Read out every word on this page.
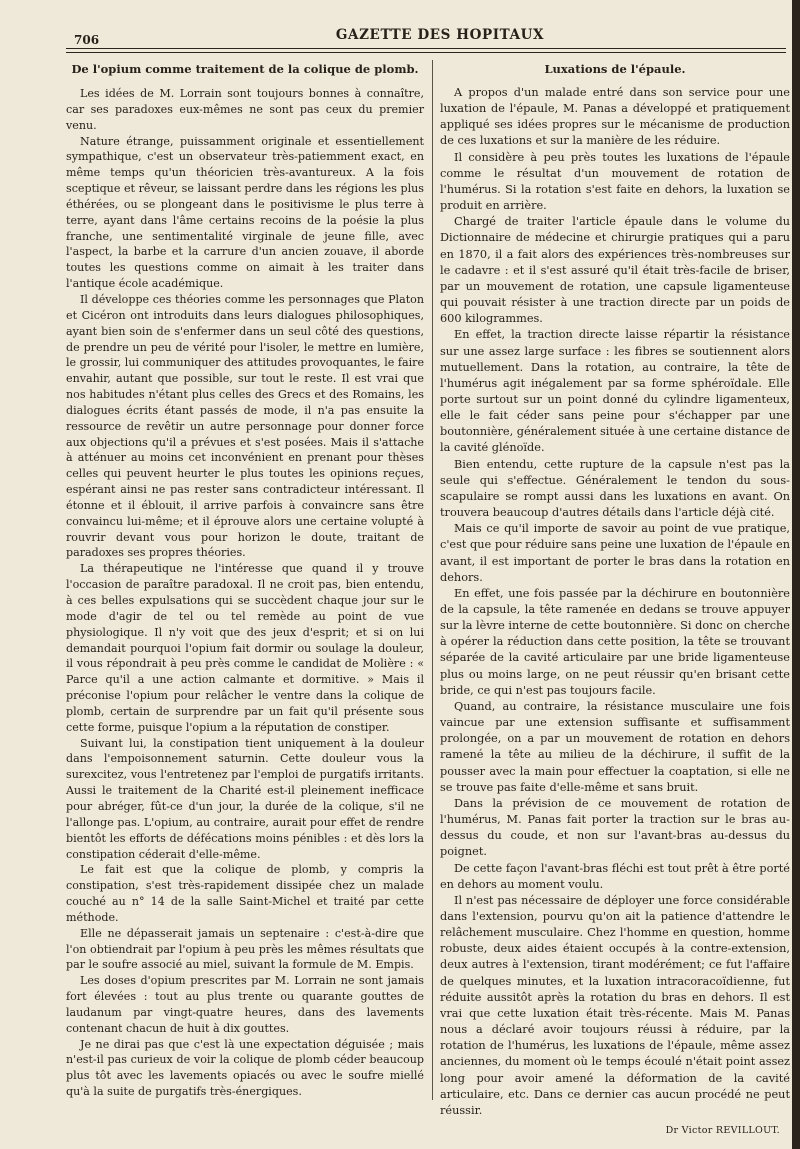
706	GAZETTE DES HOPITAUX
De l'opium comme traitement de la colique de plomb.

Les idées de M. Lorrain sont toujours bonnes à connaître, car ses paradoxes eux-mêmes ne sont pas ceux du premier venu.

Nature étrange, puissamment originale et essentiellement sympathique, c'est un observateur très-patiemment exact, en même temps qu'un théoricien très-avantureux. A la fois sceptique et rêveur, se laissant perdre dans les régions les plus éthérées, ou se plongeant dans le positivisme le plus terre à terre, ayant dans l'âme certains recoins de la poésie la plus franche, une sentimentalité virginale de jeune fille, avec l'aspect, la barbe et la carrure d'un ancien zouave, il aborde toutes les questions comme on aimait à les traiter dans l'antique école académique.

Il développe ces théories comme les personnages que Platon et Cicéron ont introduits dans leurs dialogues philosophiques, ayant bien soin de s'enfermer dans un seul côté des questions, de prendre un peu de vérité pour l'isoler, le mettre en lumière, le grossir, lui communiquer des attitudes provoquantes, le faire envahir, autant que possible, sur tout le reste. Il est vrai que nos habitudes n'étant plus celles des Grecs et des Romains, les dialogues écrits étant passés de mode, il n'a pas ensuite la ressource de revêtir un autre personnage pour donner force aux objections qu'il a prévues et s'est posées. Mais il s'attache à atténuer au moins cet inconvénient en prenant pour thèses celles qui peuvent heurter le plus toutes les opinions reçues, espérant ainsi ne pas rester sans contradicteur intéressant. Il étonne et il éblouit, il arrive parfois à convaincre sans être convaincu lui-même; et il éprouve alors une certaine volupté à rouvrir devant vous pour horizon le doute, traitant de paradoxes ses propres théories.

La thérapeutique ne l'intéresse que quand il y trouve l'occasion de paraître paradoxal. Il ne croit pas, bien entendu, à ces belles expulsations qui se succèdent chaque jour sur le mode d'agir de tel ou tel remède au point de vue physiologique. Il n'y voit que des jeux d'esprit; et si on lui demandait pourquoi l'opium fait dormir ou soulage la douleur, il vous répondrait à peu près comme le candidat de Molière : « Parce qu'il a une action calmante et dormitive. » Mais il préconise l'opium pour relâcher le ventre dans la colique de plomb, certain de surprendre par un fait qu'il présente sous cette forme, puisque l'opium a la réputation de constiper.

Suivant lui, la constipation tient uniquement à la douleur dans l'empoisonnement saturnin. Cette douleur vous la surexcitez, vous l'entretenez par l'emploi de purgatifs irritants. Aussi le traitement de la Charité est-il pleinement inefficace pour abréger, fût-ce d'un jour, la durée de la colique, s'il ne l'allonge pas. L'opium, au contraire, aurait pour effet de rendre bientôt les efforts de défécations moins pénibles : et dès lors la constipation céderait d'elle-même.

Le fait est que la colique de plomb, y compris la constipation, s'est très-rapidement dissipée chez un malade couché au n° 14 de la salle Saint-Michel et traité par cette méthode.

Elle ne dépasserait jamais un septenaire : c'est-à-dire que l'on obtiendrait par l'opium à peu près les mêmes résultats que par le soufre associé au miel, suivant la formule de M. Empis.

Les doses d'opium prescrites par M. Lorrain ne sont jamais fort élevées : tout au plus trente ou quarante gouttes de laudanum par vingt-quatre heures, dans des lavements contenant chacun de huit à dix gouttes.

Je ne dirai pas que c'est là une expectation déguisée ; mais n'est-il pas curieux de voir la colique de plomb céder beaucoup plus tôt avec les lavements opiacés ou avec le soufre miellé qu'à la suite de purgatifs très-énergiques.

Luxations de l'épaule.

A propos d'un malade entré dans son service pour une luxation de l'épaule, M. Panas a développé et pratiquement appliqué ses idées propres sur le mécanisme de production de ces luxations et sur la manière de les réduire.

Il considère à peu près toutes les luxations de l'épaule comme le résultat d'un mouvement de rotation de l'humérus. Si la rotation s'est faite en dehors, la luxation se produit en arrière.

Chargé de traiter l'article épaule dans le volume du Dictionnaire de médecine et chirurgie pratiques qui a paru en 1870, il a fait alors des expériences très-nombreuses sur le cadavre : et il s'est assuré qu'il était très-facile de briser, par un mouvement de rotation, une capsule ligamenteuse qui pouvait résister à une traction directe par un poids de 600 kilogrammes.

En effet, la traction directe laisse répartir la résistance sur une assez large surface : les fibres se soutiennent alors mutuellement. Dans la rotation, au contraire, la tête de l'humérus agit inégalement par sa forme sphéroïdale. Elle porte surtout sur un point donné du cylindre ligamenteux, elle le fait céder sans peine pour s'échapper par une boutonnière, généralement située à une certaine distance de la cavité glénoïde.

Bien entendu, cette rupture de la capsule n'est pas la seule qui s'effectue. Généralement le tendon du sous-scapulaire se rompt aussi dans les luxations en avant. On trouvera beaucoup d'autres détails dans l'article déjà cité.

Mais ce qu'il importe de savoir au point de vue pratique, c'est que pour réduire sans peine une luxation de l'épaule en avant, il est important de porter le bras dans la rotation en dehors.

En effet, une fois passée par la déchirure en boutonnière de la capsule, la tête ramenée en dedans se trouve appuyer sur la lèvre interne de cette boutonnière. Si donc on cherche à opérer la réduction dans cette position, la tête se trouvant séparée de la cavité articulaire par une bride ligamenteuse plus ou moins large, on ne peut réussir qu'en brisant cette bride, ce qui n'est pas toujours facile.

Quand, au contraire, la résistance musculaire une fois vaincue par une extension suffisante et suffisamment prolongée, on a par un mouvement de rotation en dehors ramené la tête au milieu de la déchirure, il suffit de la pousser avec la main pour effectuer la coaptation, si elle ne se trouve pas faite d'elle-même et sans bruit.

Dans la prévision de ce mouvement de rotation de l'humérus, M. Panas fait porter la traction sur le bras au-dessus du coude, et non sur l'avant-bras au-dessus du poignet.

De cette façon l'avant-bras fléchi est tout prêt à être porté en dehors au moment voulu.

Il n'est pas nécessaire de déployer une force considérable dans l'extension, pourvu qu'on ait la patience d'attendre le relâchement musculaire. Chez l'homme en question, homme robuste, deux aides étaient occupés à la contre-extension, deux autres à l'extension, tirant modérément; ce fut l'affaire de quelques minutes, et la luxation intracoracoïdienne, fut réduite aussitôt après la rotation du bras en dehors. Il est vrai que cette luxation était très-récente. Mais M. Panas nous a déclaré avoir toujours réussi à réduire, par la rotation de l'humérus, les luxations de l'épaule, même assez anciennes, du moment où le temps écoulé n'était point assez long pour avoir amené la déformation de la cavité articulaire, etc. Dans ce dernier cas aucun procédé ne peut réussir.

Dr Victor REVILLOUT.
